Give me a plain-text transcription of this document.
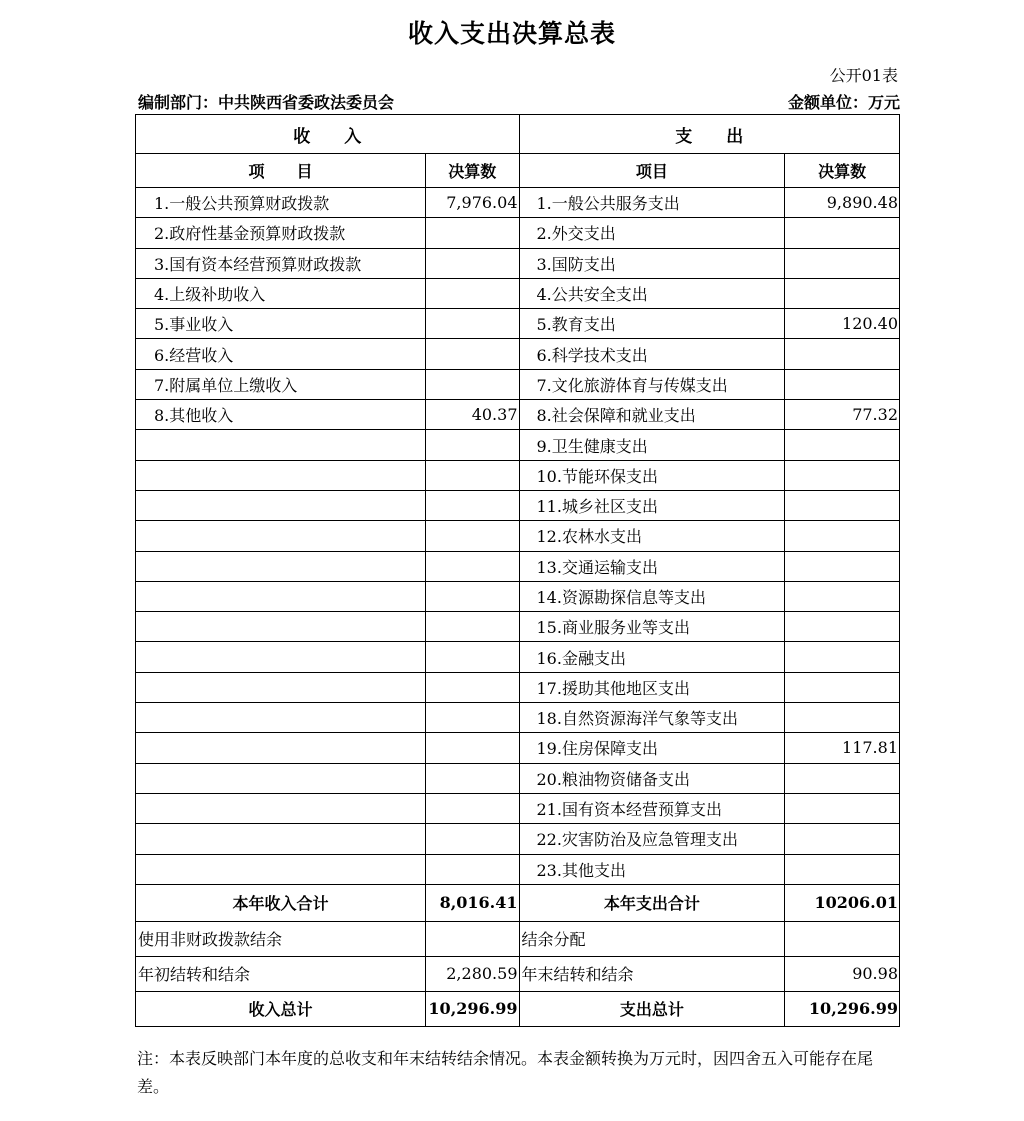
收入支出决算总表
公开01表
编制部门：中共陕西省委政法委员会	金额单位：万元
收　　入		支　　出	
项　　目	决算数	项目	决算数
1.一般公共预算财政拨款	7,976.04	1.一般公共服务支出	9,890.48
2.政府性基金预算财政拨款		2.外交支出	
3.国有资本经营预算财政拨款		3.国防支出	
4.上级补助收入		4.公共安全支出	
5.事业收入		5.教育支出	120.40
6.经营收入		6.科学技术支出	
7.附属单位上缴收入		7.文化旅游体育与传媒支出	
8.其他收入	40.37	8.社会保障和就业支出	77.32
		9.卫生健康支出	
		10.节能环保支出	
		11.城乡社区支出	
		12.农林水支出	
		13.交通运输支出	
		14.资源勘探信息等支出	
		15.商业服务业等支出	
		16.金融支出	
		17.援助其他地区支出	
		18.自然资源海洋气象等支出	
		19.住房保障支出	117.81
		20.粮油物资储备支出	
		21.国有资本经营预算支出	
		22.灾害防治及应急管理支出	
		23.其他支出	
本年收入合计	8,016.41	本年支出合计	10206.01
使用非财政拨款结余		结余分配	
年初结转和结余	2,280.59	年末结转和结余	90.98
收入总计	10,296.99	支出总计	10,296.99
注：本表反映部门本年度的总收支和年末结转结余情况。本表金额转换为万元时，因四舍五入可能存在尾差。
